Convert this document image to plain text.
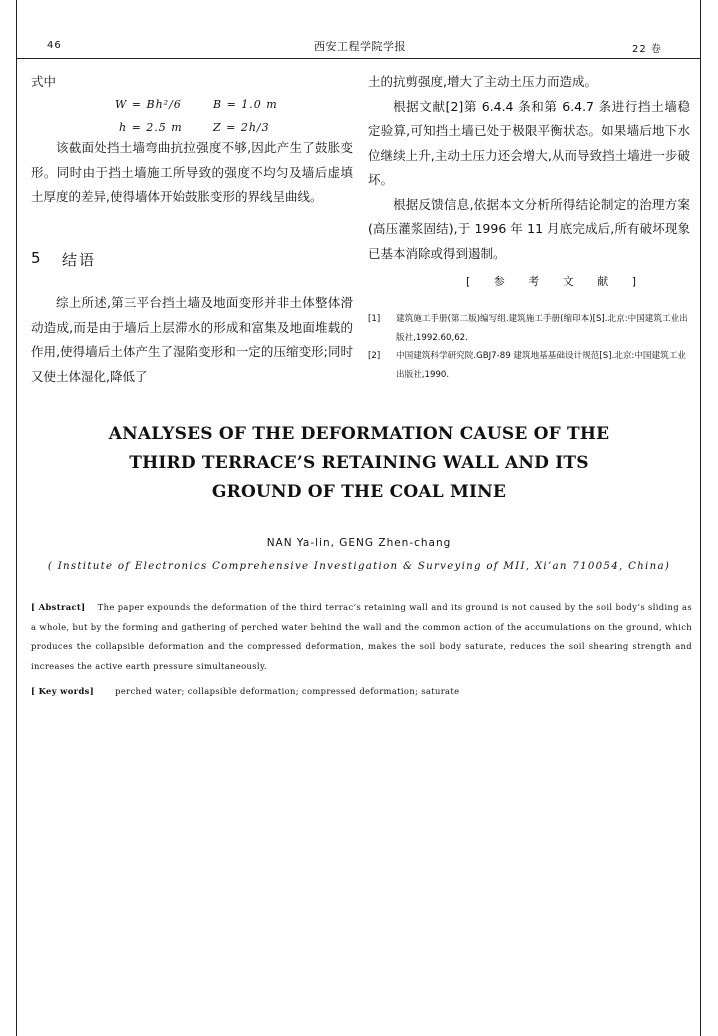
46	西安工程学院学报	22 卷

式中

W = Bh²/6	B = 1.0 m
h = 2.5 m	Z = 2h/3

该截面处挡土墙弯曲抗拉强度不够,因此产生了鼓胀变形。同时由于挡土墙施工所导致的强度不均匀及墙后虚填土厚度的差异,使得墙体开始鼓胀变形的界线呈曲线。

5 结语

综上所述,第三平台挡土墙及地面变形并非土体整体滑动造成,而是由于墙后上层滞水的形成和富集及地面堆载的作用,使得墙后土体产生了湿陷变形和一定的压缩变形;同时又使土体湿化,降低了

土的抗剪强度,增大了主动土压力而造成。

根据文献[2]第 6.4.4 条和第 6.4.7 条进行挡土墙稳定验算,可知挡土墙已处于极限平衡状态。如果墙后地下水位继续上升,主动土压力还会增大,从而导致挡土墙进一步破坏。

根据反馈信息,依据本文分析所得结论制定的治理方案(高压灌浆固结),于 1996 年 11 月底完成后,所有破坏现象已基本消除或得到遏制。

[ 参 考 文 献 ]
[1] 建筑施工手册(第二版)编写组.建筑施工手册(缩印本)[S].北京:中国建筑工业出版社,1992.60,62.
[2] 中国建筑科学研究院.GBJ7-89 建筑地基基础设计规范[S].北京:中国建筑工业出版社,1990.
ANALYSES OF THE DEFORMATION CAUSE OF THE
THIRD TERRACE’S RETAINING WALL AND ITS
GROUND OF THE COAL MINE
NAN Ya-lin, GENG Zhen-chang
( Institute of Electronics Comprehensive Investigation & Surveying of MII, Xi’an 710054, China)
[ Abstract] The paper expounds the deformation of the third terrac’s retaining wall and its ground is not caused by the soil body’s sliding as a whole, but by the forming and gathering of perched water behind the wall and the common action of the accumulations on the ground, which produces the collapsible deformation and the compressed deformation, makes the soil body saturate, reduces the soil shearing strength and increases the active earth pressure simultaneously.
[ Key words]	perched water; collapsible deformation; compressed deformation; saturate
